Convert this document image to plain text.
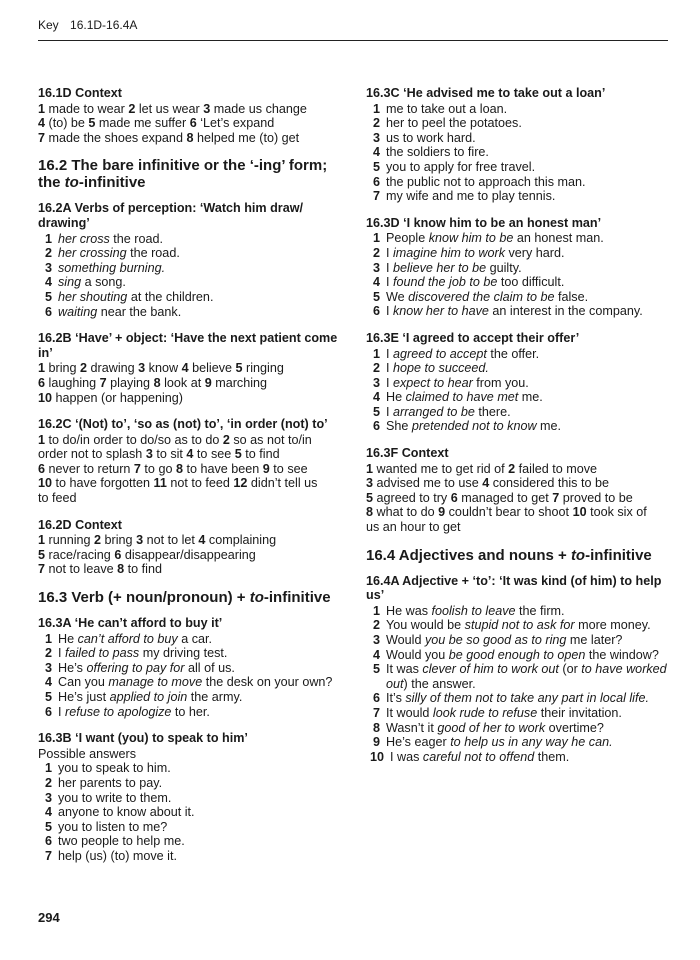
Key 16.1D-16.4A
16.1D Context
1 made to wear 2 let us wear 3 made us change
4 (to) be 5 made me suffer 6 ‘Let’s expand
7 made the shoes expand 8 helped me (to) get
16.2 The bare infinitive or the ‘-ing’ form; the to-infinitive
16.2A Verbs of perception: ‘Watch him draw/ drawing’
1 her cross the road.
2 her crossing the road.
3 something burning.
4 sing a song.
5 her shouting at the children.
6 waiting near the bank.
16.2B ‘Have’ + object: ‘Have the next patient come in’
1 bring 2 drawing 3 know 4 believe 5 ringing
6 laughing 7 playing 8 look at 9 marching
10 happen (or happening)
16.2C ‘(Not) to’, ‘so as (not) to’, ‘in order (not) to’
1 to do/in order to do/so as to do 2 so as not to/in
order not to splash 3 to sit 4 to see 5 to find
6 never to return 7 to go 8 to have been 9 to see
10 to have forgotten 11 not to feed 12 didn’t tell us
to feed
16.2D Context
1 running 2 bring 3 not to let 4 complaining
5 race/racing 6 disappear/disappearing
7 not to leave 8 to find
16.3 Verb (+ noun/pronoun) + to-infinitive
16.3A ‘He can’t afford to buy it’
1 He can’t afford to buy a car.
2 I failed to pass my driving test.
3 He’s offering to pay for all of us.
4 Can you manage to move the desk on your own?
5 He’s just applied to join the army.
6 I refuse to apologize to her.
16.3B ‘I want (you) to speak to him’
Possible answers
1 you to speak to him.
2 her parents to pay.
3 you to write to them.
4 anyone to know about it.
5 you to listen to me?
6 two people to help me.
7 help (us) (to) move it.
16.3C ‘He advised me to take out a loan’
1 me to take out a loan.
2 her to peel the potatoes.
3 us to work hard.
4 the soldiers to fire.
5 you to apply for free travel.
6 the public not to approach this man.
7 my wife and me to play tennis.
16.3D ‘I know him to be an honest man’
1 People know him to be an honest man.
2 I imagine him to work very hard.
3 I believe her to be guilty.
4 I found the job to be too difficult.
5 We discovered the claim to be false.
6 I know her to have an interest in the company.
16.3E ‘I agreed to accept their offer’
1 I agreed to accept the offer.
2 I hope to succeed.
3 I expect to hear from you.
4 He claimed to have met me.
5 I arranged to be there.
6 She pretended not to know me.
16.3F Context
1 wanted me to get rid of 2 failed to move
3 advised me to use 4 considered this to be
5 agreed to try 6 managed to get 7 proved to be
8 what to do 9 couldn’t bear to shoot 10 took six of
us an hour to get
16.4 Adjectives and nouns + to-infinitive
16.4A Adjective + ‘to’: ‘It was kind (of him) to help us’
1 He was foolish to leave the firm.
2 You would be stupid not to ask for more money.
3 Would you be so good as to ring me later?
4 Would you be good enough to open the window?
5 It was clever of him to work out (or to have worked out) the answer.
6 It’s silly of them not to take any part in local life.
7 It would look rude to refuse their invitation.
8 Wasn’t it good of her to work overtime?
9 He’s eager to help us in any way he can.
10 I was careful not to offend them.
294
